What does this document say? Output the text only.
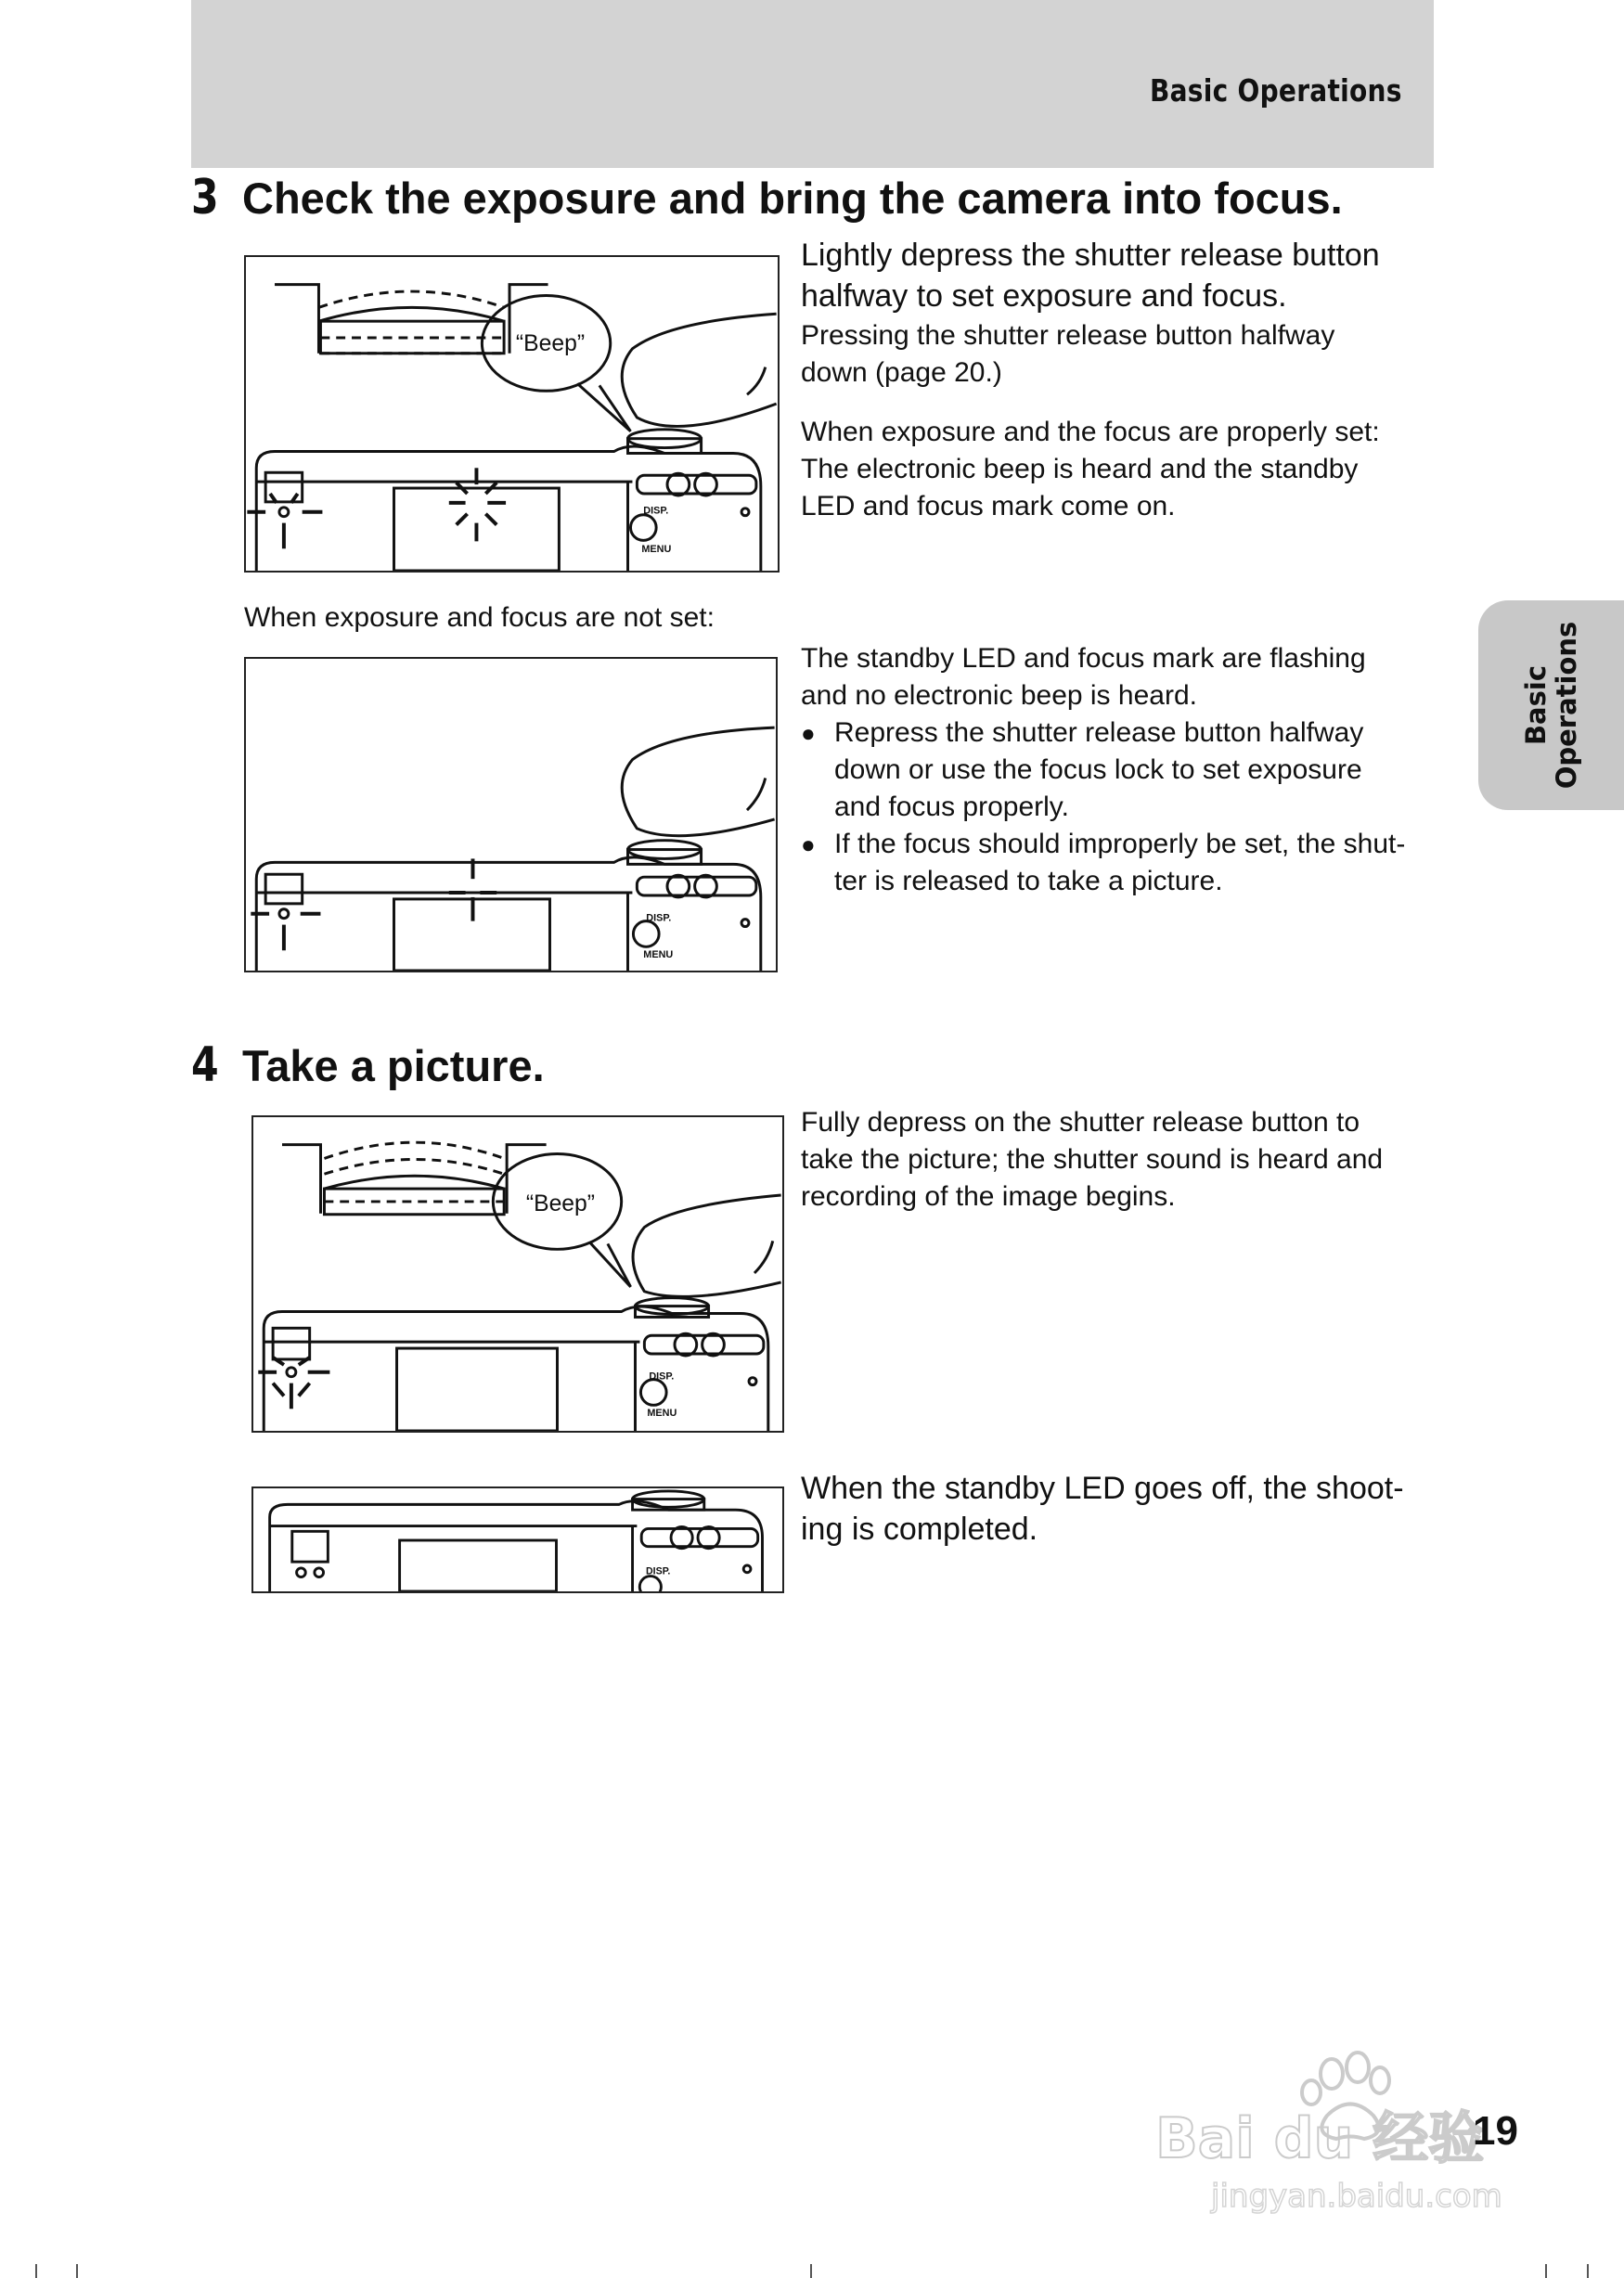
Basic Operations
Basic Operations
3 Check the exposure and bring the camera into focus.
“Beep”
DISP.
MENU
Lightly depress the shutter release button
halfway to set exposure and focus.
Pressing the shutter release button halfway
down (page 20.)
When exposure and the focus are properly set:
The electronic beep is heard and the standby
LED and focus mark come on.
When exposure and focus are not set:
DISP.
MENU
The standby LED and focus mark are flashing
and no electronic beep is heard.
● Repress the shutter release button halfway
down or use the focus lock to set exposure
and focus properly.
● If the focus should improperly be set, the shut-
ter is released to take a picture.
4 Take a picture.
“Beep”
DISP.
MENU
Fully depress on the shutter release button to
take the picture; the shutter sound is heard and
recording of the image begins.
DISP.
When the standby LED goes off, the shoot-
ing is completed.
Bai du 经验
jingyan.baidu.com
19
